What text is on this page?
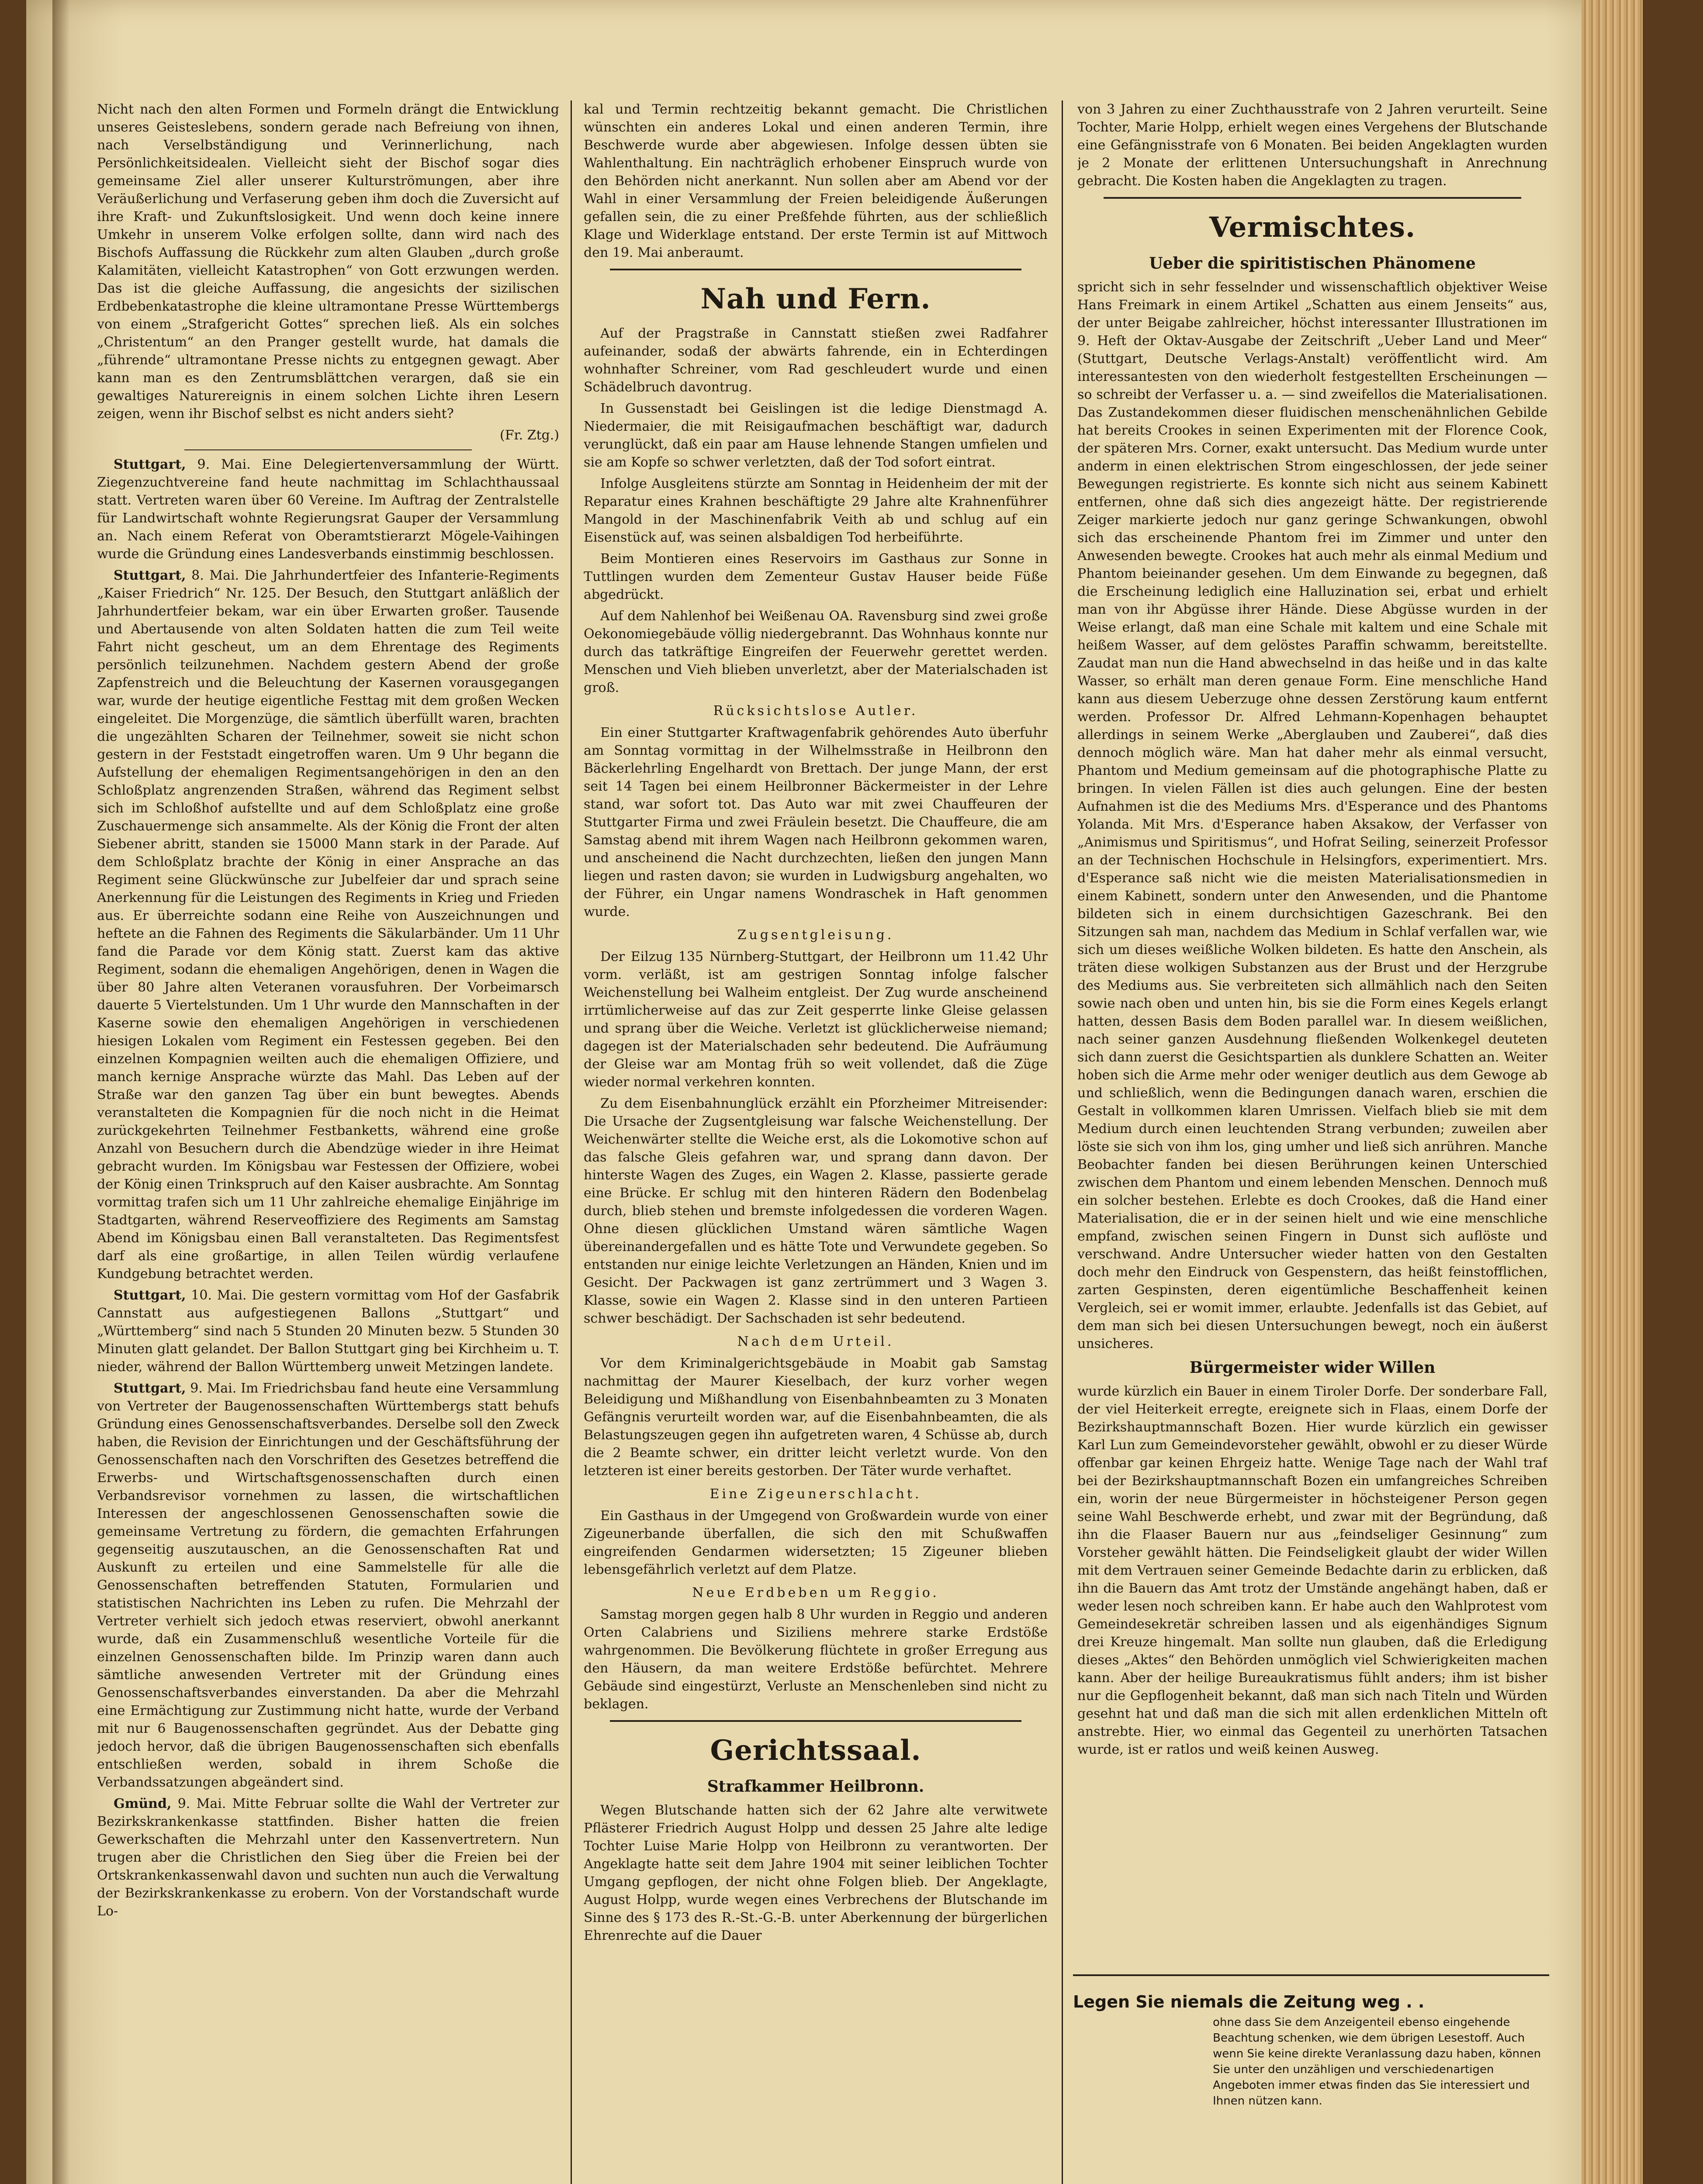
Nicht nach den alten Formen und Formeln drängt die Entwicklung unseres Geisteslebens, sondern gerade nach Befreiung von ihnen, nach Verselbständigung und Verinnerlichung, nach Persönlichkeitsidealen. Vielleicht sieht der Bischof sogar dies gemeinsame Ziel aller unserer Kulturströmungen, aber ihre Veräußerlichung und Verfaserung geben ihm doch die Zuversicht auf ihre Kraft- und Zukunftslosigkeit. Und wenn doch keine innere Umkehr in unserem Volke erfolgen sollte, dann wird nach des Bischofs Auffassung die Rückkehr zum alten Glauben „durch große Kalamitäten, vielleicht Katastrophen“ von Gott erzwungen werden. Das ist die gleiche Auffassung, die angesichts der sizilischen Erdbebenkatastrophe die kleine ultramontane Presse Württembergs von einem „Strafgericht Gottes“ sprechen ließ. Als ein solches „Christentum“ an den Pranger gestellt wurde, hat damals die „führende“ ultramontane Presse nichts zu entgegnen gewagt. Aber kann man es den Zentrumsblättchen verargen, daß sie ein gewaltiges Naturereignis in einem solchen Lichte ihren Lesern zeigen, wenn ihr Bischof selbst es nicht anders sieht?

(Fr. Ztg.)

Stuttgart, 9. Mai. Eine Delegiertenversammlung der Württ. Ziegenzuchtvereine fand heute nachmittag im Schlachthaussaal statt. Vertreten waren über 60 Vereine. Im Auftrag der Zentralstelle für Landwirtschaft wohnte Regierungsrat Gauper der Versammlung an. Nach einem Referat von Oberamtstierarzt Mögele-Vaihingen wurde die Gründung eines Landesverbands einstimmig beschlossen.

Stuttgart, 8. Mai. Die Jahrhundertfeier des Infanterie-Regiments „Kaiser Friedrich“ Nr. 125. Der Besuch, den Stuttgart anläßlich der Jahrhundertfeier bekam, war ein über Erwarten großer. Tausende und Abertausende von alten Soldaten hatten die zum Teil weite Fahrt nicht gescheut, um an dem Ehrentage des Regiments persönlich teilzunehmen. Nachdem gestern Abend der große Zapfenstreich und die Beleuchtung der Kasernen vorausgegangen war, wurde der heutige eigentliche Festtag mit dem großen Wecken eingeleitet. Die Morgenzüge, die sämtlich überfüllt waren, brachten die ungezählten Scharen der Teilnehmer, soweit sie nicht schon gestern in der Feststadt eingetroffen waren. Um 9 Uhr begann die Aufstellung der ehemaligen Regimentsangehörigen in den an den Schloßplatz angrenzenden Straßen, während das Regiment selbst sich im Schloßhof aufstellte und auf dem Schloßplatz eine große Zuschauermenge sich ansammelte. Als der König die Front der alten Siebener abritt, standen sie 15000 Mann stark in der Parade. Auf dem Schloßplatz brachte der König in einer Ansprache an das Regiment seine Glückwünsche zur Jubelfeier dar und sprach seine Anerkennung für die Leistungen des Regiments in Krieg und Frieden aus. Er überreichte sodann eine Reihe von Auszeichnungen und heftete an die Fahnen des Regiments die Säkularbänder. Um 11 Uhr fand die Parade vor dem König statt. Zuerst kam das aktive Regiment, sodann die ehemaligen Angehörigen, denen in Wagen die über 80 Jahre alten Veteranen vorausfuhren. Der Vorbeimarsch dauerte 5 Viertelstunden. Um 1 Uhr wurde den Mannschaften in der Kaserne sowie den ehemaligen Angehörigen in verschiedenen hiesigen Lokalen vom Regiment ein Festessen gegeben. Bei den einzelnen Kompagnien weilten auch die ehemaligen Offiziere, und manch kernige Ansprache würzte das Mahl. Das Leben auf der Straße war den ganzen Tag über ein bunt bewegtes. Abends veranstalteten die Kompagnien für die noch nicht in die Heimat zurückgekehrten Teilnehmer Festbanketts, während eine große Anzahl von Besuchern durch die Abendzüge wieder in ihre Heimat gebracht wurden. Im Königsbau war Festessen der Offiziere, wobei der König einen Trinkspruch auf den Kaiser ausbrachte. Am Sonntag vormittag trafen sich um 11 Uhr zahlreiche ehemalige Einjährige im Stadtgarten, während Reserveoffiziere des Regiments am Samstag Abend im Königsbau einen Ball veranstalteten. Das Regimentsfest darf als eine großartige, in allen Teilen würdig verlaufene Kundgebung betrachtet werden.

Stuttgart, 10. Mai. Die gestern vormittag vom Hof der Gasfabrik Cannstatt aus aufgestiegenen Ballons „Stuttgart“ und „Württemberg“ sind nach 5 Stunden 20 Minuten bezw. 5 Stunden 30 Minuten glatt gelandet. Der Ballon Stuttgart ging bei Kirchheim u. T. nieder, während der Ballon Württemberg unweit Metzingen landete.

Stuttgart, 9. Mai. Im Friedrichsbau fand heute eine Versammlung von Vertreter der Baugenossenschaften Württembergs statt behufs Gründung eines Genossenschaftsverbandes. Derselbe soll den Zweck haben, die Revision der Einrichtungen und der Geschäftsführung der Genossenschaften nach den Vorschriften des Gesetzes betreffend die Erwerbs- und Wirtschaftsgenossenschaften durch einen Verbandsrevisor vornehmen zu lassen, die wirtschaftlichen Interessen der angeschlossenen Genossenschaften sowie die gemeinsame Vertretung zu fördern, die gemachten Erfahrungen gegenseitig auszutauschen, an die Genossenschaften Rat und Auskunft zu erteilen und eine Sammelstelle für alle die Genossenschaften betreffenden Statuten, Formularien und statistischen Nachrichten ins Leben zu rufen. Die Mehrzahl der Vertreter verhielt sich jedoch etwas reserviert, obwohl anerkannt wurde, daß ein Zusammenschluß wesentliche Vorteile für die einzelnen Genossenschaften bilde. Im Prinzip waren dann auch sämtliche anwesenden Vertreter mit der Gründung eines Genossenschaftsverbandes einverstanden. Da aber die Mehrzahl eine Ermächtigung zur Zustimmung nicht hatte, wurde der Verband mit nur 6 Baugenossenschaften gegründet. Aus der Debatte ging jedoch hervor, daß die übrigen Baugenossenschaften sich ebenfalls entschließen werden, sobald in ihrem Schoße die Verbandssatzungen abgeändert sind.

Gmünd, 9. Mai. Mitte Februar sollte die Wahl der Vertreter zur Bezirkskrankenkasse stattfinden. Bisher hatten die freien Gewerkschaften die Mehrzahl unter den Kassenvertretern. Nun trugen aber die Christlichen den Sieg über die Freien bei der Ortskrankenkassenwahl davon und suchten nun auch die Verwaltung der Bezirkskrankenkasse zu erobern. Von der Vorstandschaft wurde Lo-

kal und Termin rechtzeitig bekannt gemacht. Die Christlichen wünschten ein anderes Lokal und einen anderen Termin, ihre Beschwerde wurde aber abgewiesen. Infolge dessen übten sie Wahlenthaltung. Ein nachträglich erhobener Einspruch wurde von den Behörden nicht anerkannt. Nun sollen aber am Abend vor der Wahl in einer Versammlung der Freien beleidigende Äußerungen gefallen sein, die zu einer Preßfehde führten, aus der schließlich Klage und Widerklage entstand. Der erste Termin ist auf Mittwoch den 19. Mai anberaumt.

Nah und Fern.

Auf der Pragstraße in Cannstatt stießen zwei Radfahrer aufeinander, sodaß der abwärts fahrende, ein in Echterdingen wohnhafter Schreiner, vom Rad geschleudert wurde und einen Schädelbruch davontrug.

In Gussenstadt bei Geislingen ist die ledige Dienstmagd A. Niedermaier, die mit Reisigaufmachen beschäftigt war, dadurch verunglückt, daß ein paar am Hause lehnende Stangen umfielen und sie am Kopfe so schwer verletzten, daß der Tod sofort eintrat.

Infolge Ausgleitens stürzte am Sonntag in Heidenheim der mit der Reparatur eines Krahnen beschäftigte 29 Jahre alte Krahnenführer Mangold in der Maschinenfabrik Veith ab und schlug auf ein Eisenstück auf, was seinen alsbaldigen Tod herbeiführte.

Beim Montieren eines Reservoirs im Gasthaus zur Sonne in Tuttlingen wurden dem Zementeur Gustav Hauser beide Füße abgedrückt.

Auf dem Nahlenhof bei Weißenau OA. Ravensburg sind zwei große Oekonomiegebäude völlig niedergebrannt. Das Wohnhaus konnte nur durch das tatkräftige Eingreifen der Feuerwehr gerettet werden. Menschen und Vieh blieben unverletzt, aber der Materialschaden ist groß.

Rücksichtslose Autler.

Ein einer Stuttgarter Kraftwagenfabrik gehörendes Auto überfuhr am Sonntag vormittag in der Wilhelmsstraße in Heilbronn den Bäckerlehrling Engelhardt von Brettach. Der junge Mann, der erst seit 14 Tagen bei einem Heilbronner Bäckermeister in der Lehre stand, war sofort tot. Das Auto war mit zwei Chauffeuren der Stuttgarter Firma und zwei Fräulein besetzt. Die Chauffeure, die am Samstag abend mit ihrem Wagen nach Heilbronn gekommen waren, und anscheinend die Nacht durchzechten, ließen den jungen Mann liegen und rasten davon; sie wurden in Ludwigsburg angehalten, wo der Führer, ein Ungar namens Wondraschek in Haft genommen wurde.

Zugsentgleisung.

Der Eilzug 135 Nürnberg-Stuttgart, der Heilbronn um 11.42 Uhr vorm. verläßt, ist am gestrigen Sonntag infolge falscher Weichenstellung bei Walheim entgleist. Der Zug wurde anscheinend irrtümlicherweise auf das zur Zeit gesperrte linke Gleise gelassen und sprang über die Weiche. Verletzt ist glücklicherweise niemand; dagegen ist der Materialschaden sehr bedeutend. Die Aufräumung der Gleise war am Montag früh so weit vollendet, daß die Züge wieder normal verkehren konnten.

Zu dem Eisenbahnunglück erzählt ein Pforzheimer Mitreisender: Die Ursache der Zugsentgleisung war falsche Weichenstellung. Der Weichenwärter stellte die Weiche erst, als die Lokomotive schon auf das falsche Gleis gefahren war, und sprang dann davon. Der hinterste Wagen des Zuges, ein Wagen 2. Klasse, passierte gerade eine Brücke. Er schlug mit den hinteren Rädern den Bodenbelag durch, blieb stehen und bremste infolgedessen die vorderen Wagen. Ohne diesen glücklichen Umstand wären sämtliche Wagen übereinandergefallen und es hätte Tote und Verwundete gegeben. So entstanden nur einige leichte Verletzungen an Händen, Knien und im Gesicht. Der Packwagen ist ganz zertrümmert und 3 Wagen 3. Klasse, sowie ein Wagen 2. Klasse sind in den unteren Partieen schwer beschädigt. Der Sachschaden ist sehr bedeutend.

Nach dem Urteil.

Vor dem Kriminalgerichtsgebäude in Moabit gab Samstag nachmittag der Maurer Kieselbach, der kurz vorher wegen Beleidigung und Mißhandlung von Eisenbahnbeamten zu 3 Monaten Gefängnis verurteilt worden war, auf die Eisenbahnbeamten, die als Belastungszeugen gegen ihn aufgetreten waren, 4 Schüsse ab, durch die 2 Beamte schwer, ein dritter leicht verletzt wurde. Von den letzteren ist einer bereits gestorben. Der Täter wurde verhaftet.

Eine Zigeunerschlacht.

Ein Gasthaus in der Umgegend von Großwardein wurde von einer Zigeunerbande überfallen, die sich den mit Schußwaffen eingreifenden Gendarmen widersetzten; 15 Zigeuner blieben lebensgefährlich verletzt auf dem Platze.

Neue Erdbeben um Reggio.

Samstag morgen gegen halb 8 Uhr wurden in Reggio und anderen Orten Calabriens und Siziliens mehrere starke Erdstöße wahrgenommen. Die Bevölkerung flüchtete in großer Erregung aus den Häusern, da man weitere Erdstöße befürchtet. Mehrere Gebäude sind eingestürzt, Verluste an Menschenleben sind nicht zu beklagen.

Gerichtssaal.
Strafkammer Heilbronn.

Wegen Blutschande hatten sich der 62 Jahre alte verwitwete Pflästerer Friedrich August Holpp und dessen 25 Jahre alte ledige Tochter Luise Marie Holpp von Heilbronn zu verantworten. Der Angeklagte hatte seit dem Jahre 1904 mit seiner leiblichen Tochter Umgang gepflogen, der nicht ohne Folgen blieb. Der Angeklagte, August Holpp, wurde wegen eines Verbrechens der Blutschande im Sinne des § 173 des R.-St.-G.-B. unter Aberkennung der bürgerlichen Ehrenrechte auf die Dauer

von 3 Jahren zu einer Zuchthausstrafe von 2 Jahren verurteilt. Seine Tochter, Marie Holpp, erhielt wegen eines Vergehens der Blutschande eine Gefängnisstrafe von 6 Monaten. Bei beiden Angeklagten wurden je 2 Monate der erlittenen Untersuchungshaft in Anrechnung gebracht. Die Kosten haben die Angeklagten zu tragen.

Vermischtes.
Ueber die spiritistischen Phänomene

spricht sich in sehr fesselnder und wissenschaftlich objektiver Weise Hans Freimark in einem Artikel „Schatten aus einem Jenseits“ aus, der unter Beigabe zahlreicher, höchst interessanter Illustrationen im 9. Heft der Oktav-Ausgabe der Zeitschrift „Ueber Land und Meer“ (Stuttgart, Deutsche Verlags-Anstalt) veröffentlicht wird. Am interessantesten von den wiederholt festgestellten Erscheinungen — so schreibt der Verfasser u. a. — sind zweifellos die Materialisationen. Das Zustandekommen dieser fluidischen menschenähnlichen Gebilde hat bereits Crookes in seinen Experimenten mit der Florence Cook, der späteren Mrs. Corner, exakt untersucht. Das Medium wurde unter anderm in einen elektrischen Strom eingeschlossen, der jede seiner Bewegungen registrierte. Es konnte sich nicht aus seinem Kabinett entfernen, ohne daß sich dies angezeigt hätte. Der registrierende Zeiger markierte jedoch nur ganz geringe Schwankungen, obwohl sich das erscheinende Phantom frei im Zimmer und unter den Anwesenden bewegte. Crookes hat auch mehr als einmal Medium und Phantom beieinander gesehen. Um dem Einwande zu begegnen, daß die Erscheinung lediglich eine Halluzination sei, erbat und erhielt man von ihr Abgüsse ihrer Hände. Diese Abgüsse wurden in der Weise erlangt, daß man eine Schale mit kaltem und eine Schale mit heißem Wasser, auf dem gelöstes Paraffin schwamm, bereitstellte. Zaudat man nun die Hand abwechselnd in das heiße und in das kalte Wasser, so erhält man deren genaue Form. Eine menschliche Hand kann aus diesem Ueberzuge ohne dessen Zerstörung kaum entfernt werden. Professor Dr. Alfred Lehmann-Kopenhagen behauptet allerdings in seinem Werke „Aberglauben und Zauberei“, daß dies dennoch möglich wäre. Man hat daher mehr als einmal versucht, Phantom und Medium gemeinsam auf die photographische Platte zu bringen. In vielen Fällen ist dies auch gelungen. Eine der besten Aufnahmen ist die des Mediums Mrs. d'Esperance und des Phantoms Yolanda. Mit Mrs. d'Esperance haben Aksakow, der Verfasser von „Animismus und Spiritismus“, und Hofrat Seiling, seinerzeit Professor an der Technischen Hochschule in Helsingfors, experimentiert. Mrs. d'Esperance saß nicht wie die meisten Materialisationsmedien in einem Kabinett, sondern unter den Anwesenden, und die Phantome bildeten sich in einem durchsichtigen Gazeschrank. Bei den Sitzungen sah man, nachdem das Medium in Schlaf verfallen war, wie sich um dieses weißliche Wolken bildeten. Es hatte den Anschein, als träten diese wolkigen Substanzen aus der Brust und der Herzgrube des Mediums aus. Sie verbreiteten sich allmählich nach den Seiten sowie nach oben und unten hin, bis sie die Form eines Kegels erlangt hatten, dessen Basis dem Boden parallel war. In diesem weißlichen, nach seiner ganzen Ausdehnung fließenden Wolkenkegel deuteten sich dann zuerst die Gesichtspartien als dunklere Schatten an. Weiter hoben sich die Arme mehr oder weniger deutlich aus dem Gewoge ab und schließlich, wenn die Bedingungen danach waren, erschien die Gestalt in vollkommen klaren Umrissen. Vielfach blieb sie mit dem Medium durch einen leuchtenden Strang verbunden; zuweilen aber löste sie sich von ihm los, ging umher und ließ sich anrühren. Manche Beobachter fanden bei diesen Berührungen keinen Unterschied zwischen dem Phantom und einem lebenden Menschen. Dennoch muß ein solcher bestehen. Erlebte es doch Crookes, daß die Hand einer Materialisation, die er in der seinen hielt und wie eine menschliche empfand, zwischen seinen Fingern in Dunst sich auflöste und verschwand. Andre Untersucher wieder hatten von den Gestalten doch mehr den Eindruck von Gespenstern, das heißt feinstofflichen, zarten Gespinsten, deren eigentümliche Beschaffenheit keinen Vergleich, sei er womit immer, erlaubte. Jedenfalls ist das Gebiet, auf dem man sich bei diesen Untersuchungen bewegt, noch ein äußerst unsicheres.

Bürgermeister wider Willen

wurde kürzlich ein Bauer in einem Tiroler Dorfe. Der sonderbare Fall, der viel Heiterkeit erregte, ereignete sich in Flaas, einem Dorfe der Bezirkshauptmannschaft Bozen. Hier wurde kürzlich ein gewisser Karl Lun zum Gemeindevorsteher gewählt, obwohl er zu dieser Würde offenbar gar keinen Ehrgeiz hatte. Wenige Tage nach der Wahl traf bei der Bezirkshauptmannschaft Bozen ein umfangreiches Schreiben ein, worin der neue Bürgermeister in höchsteigener Person gegen seine Wahl Beschwerde erhebt, und zwar mit der Begründung, daß ihn die Flaaser Bauern nur aus „feindseliger Gesinnung“ zum Vorsteher gewählt hätten. Die Feindseligkeit glaubt der wider Willen mit dem Vertrauen seiner Gemeinde Bedachte darin zu erblicken, daß ihn die Bauern das Amt trotz der Umstände angehängt haben, daß er weder lesen noch schreiben kann. Er habe auch den Wahlprotest vom Gemeindesekretär schreiben lassen und als eigenhändiges Signum drei Kreuze hingemalt. Man sollte nun glauben, daß die Erledigung dieses „Aktes“ den Behörden unmöglich viel Schwierigkeiten machen kann. Aber der heilige Bureaukratismus fühlt anders; ihm ist bisher nur die Gepflogenheit bekannt, daß man sich nach Titeln und Würden gesehnt hat und daß man die sich mit allen erdenklichen Mitteln oft anstrebte. Hier, wo einmal das Gegenteil zu unerhörten Tatsachen wurde, ist er ratlos und weiß keinen Ausweg.

Legen Sie niemals die Zeitung weg . .
ohne dass Sie dem Anzeigenteil ebenso eingehende Beachtung schenken, wie dem übrigen Lesestoff. Auch wenn Sie keine direkte Veranlassung dazu haben, können Sie unter den unzähligen und verschiedenartigen Angeboten immer etwas finden das Sie interessiert und Ihnen nützen kann.
